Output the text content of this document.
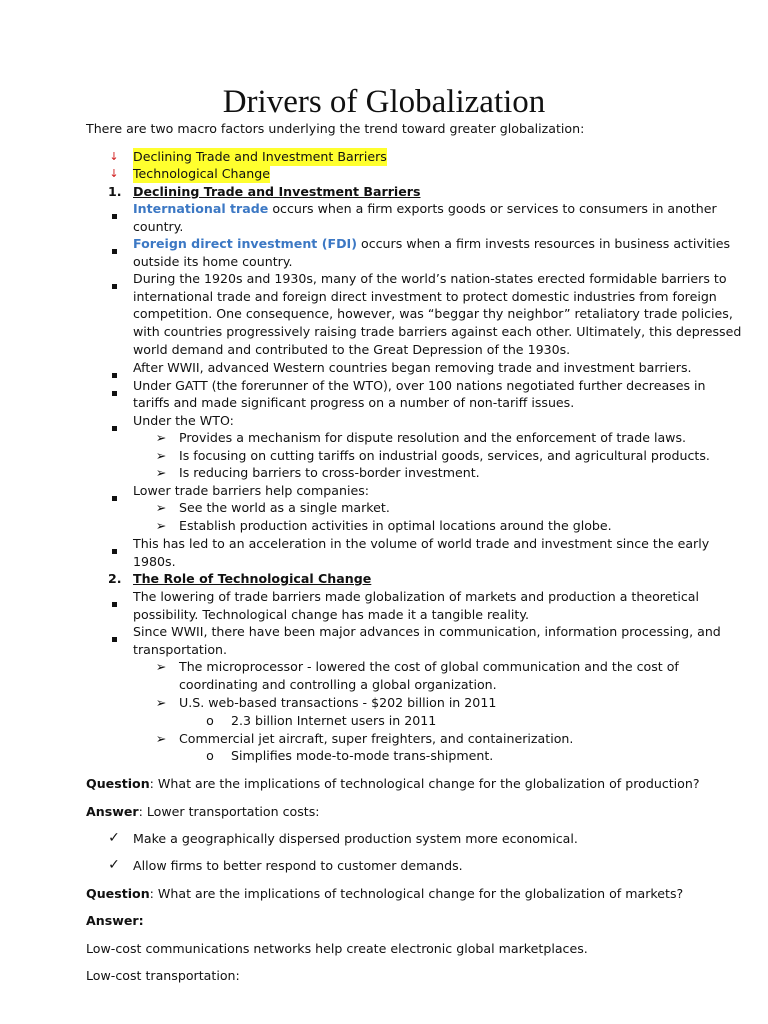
Drivers of Globalization
There are two macro factors underlying the trend toward greater globalization:
↓ Declining Trade and Investment Barriers
↓ Technological Change
1. Declining Trade and Investment Barriers
International trade occurs when a firm exports goods or services to consumers in another
country.
Foreign direct investment (FDI) occurs when a firm invests resources in business activities
outside its home country.
During the 1920s and 1930s, many of the world’s nation-states erected formidable barriers to
international trade and foreign direct investment to protect domestic industries from foreign
competition. One consequence, however, was “beggar thy neighbor” retaliatory trade policies,
with countries progressively raising trade barriers against each other. Ultimately, this depressed
world demand and contributed to the Great Depression of the 1930s.
After WWII, advanced Western countries began removing trade and investment barriers.
Under GATT (the forerunner of the WTO), over 100 nations negotiated further decreases in
tariffs and made significant progress on a number of non-tariff issues.
Under the WTO:
➢ Provides a mechanism for dispute resolution and the enforcement of trade laws.
➢ Is focusing on cutting tariffs on industrial goods, services, and agricultural products.
➢ Is reducing barriers to cross-border investment.
Lower trade barriers help companies:
➢ See the world as a single market.
➢ Establish production activities in optimal locations around the globe.
This has led to an acceleration in the volume of world trade and investment since the early
1980s.
2. The Role of Technological Change
The lowering of trade barriers made globalization of markets and production a theoretical
possibility. Technological change has made it a tangible reality.
Since WWII, there have been major advances in communication, information processing, and
transportation.
➢ The microprocessor - lowered the cost of global communication and the cost of
coordinating and controlling a global organization.
➢ U.S. web-based transactions - $202 billion in 2011
o 2.3 billion Internet users in 2011
➢ Commercial jet aircraft, super freighters, and containerization.
o Simplifies mode-to-mode trans-shipment.
Question: What are the implications of technological change for the globalization of production?
Answer: Lower transportation costs:
✓ Make a geographically dispersed production system more economical.
✓ Allow firms to better respond to customer demands.
Question: What are the implications of technological change for the globalization of markets?
Answer:
Low-cost communications networks help create electronic global marketplaces.
Low-cost transportation:
